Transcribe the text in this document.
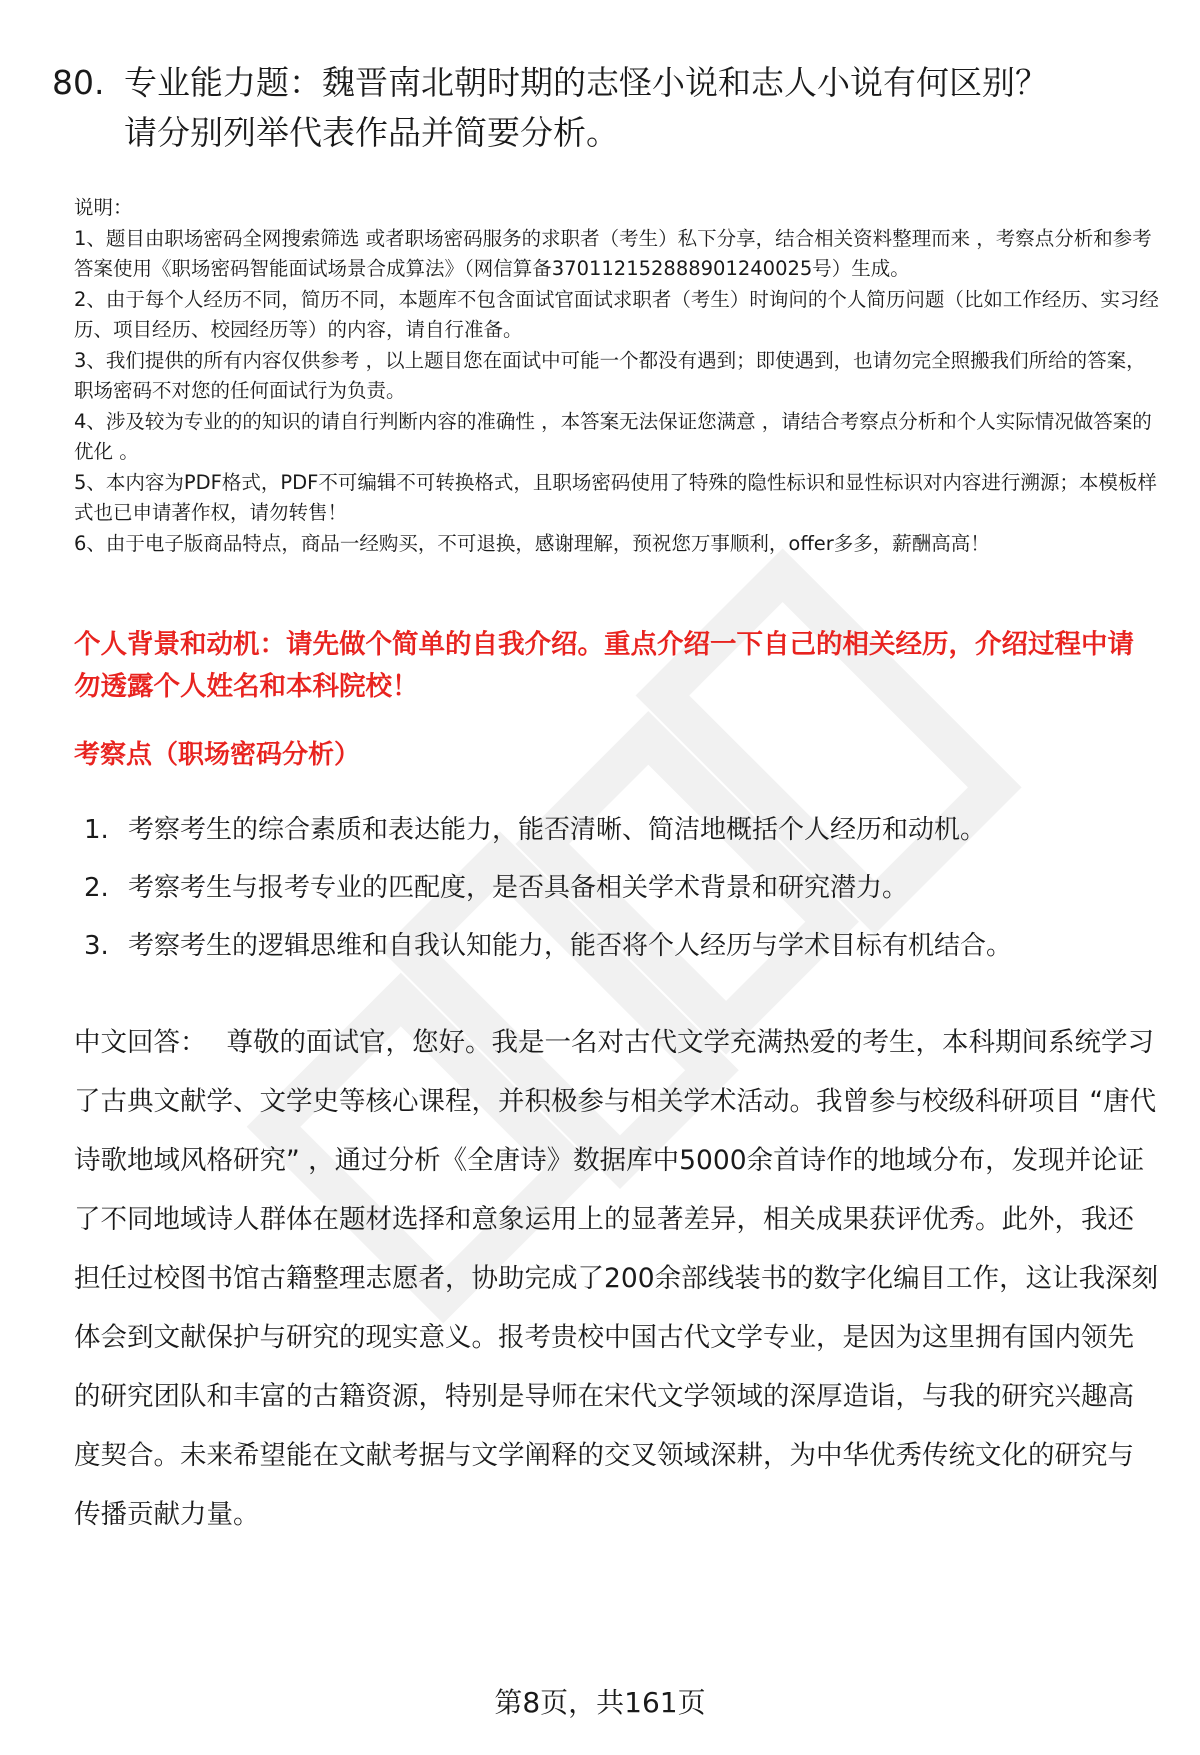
80. 专业能力题：魏晋南北朝时期的志怪小说和志人小说有何区别？
请分别列举代表作品并简要分析。

说明：

1、题目由职场密码全网搜索筛选 或者职场密码服务的求职者（考生）私下分享，结合相关资料整理而来 ，考察点分析和参考答案使用《职场密码智能面试场景合成算法》（网信算备370112152888901240025号）生成。

2、由于每个人经历不同，简历不同，本题库不包含面试官面试求职者（考生）时询问的个人简历问题（比如工作经历、实习经历、项目经历、校园经历等）的内容，请自行准备。

3、我们提供的所有内容仅供参考 ，以上题目您在面试中可能一个都没有遇到；即使遇到，也请勿完全照搬我们所给的答案，职场密码不对您的任何面试行为负责。

4、涉及较为专业的的知识的请自行判断内容的准确性 ，本答案无法保证您满意 ，请结合考察点分析和个人实际情况做答案的优化 。

5、本内容为PDF格式，PDF不可编辑不可转换格式，且职场密码使用了特殊的隐性标识和显性标识对内容进行溯源；本模板样式也已申请著作权，请勿转售！

6、由于电子版商品特点，商品一经购买，不可退换，感谢理解，预祝您万事顺利，offer多多，薪酬高高！

个人背景和动机：请先做个简单的自我介绍。重点介绍一下自己的相关经历，介绍过程中请勿透露个人姓名和本科院校！
考察点（职场密码分析）
1. 考察考生的综合素质和表达能力，能否清晰、简洁地概括个人经历和动机。
2. 考察考生与报考专业的匹配度，是否具备相关学术背景和研究潜力。
3. 考察考生的逻辑思维和自我认知能力，能否将个人经历与学术目标有机结合。
中文回答： 尊敬的面试官，您好。我是一名对古代文学充满热爱的考生，本科期间系统学习了古典文献学、文学史等核心课程，并积极参与相关学术活动。我曾参与校级科研项目 “唐代诗歌地域风格研究” ，通过分析《全唐诗》数据库中5000余首诗作的地域分布，发现并论证了不同地域诗人群体在题材选择和意象运用上的显著差异，相关成果获评优秀。此外，我还担任过校图书馆古籍整理志愿者，协助完成了200余部线装书的数字化编目工作，这让我深刻体会到文献保护与研究的现实意义。报考贵校中国古代文学专业，是因为这里拥有国内领先的研究团队和丰富的古籍资源，特别是导师在宋代文学领域的深厚造诣，与我的研究兴趣高度契合。未来希望能在文献考据与文学阐释的交叉领域深耕，为中华优秀传统文化的研究与传播贡献力量。
第8页，共161页
